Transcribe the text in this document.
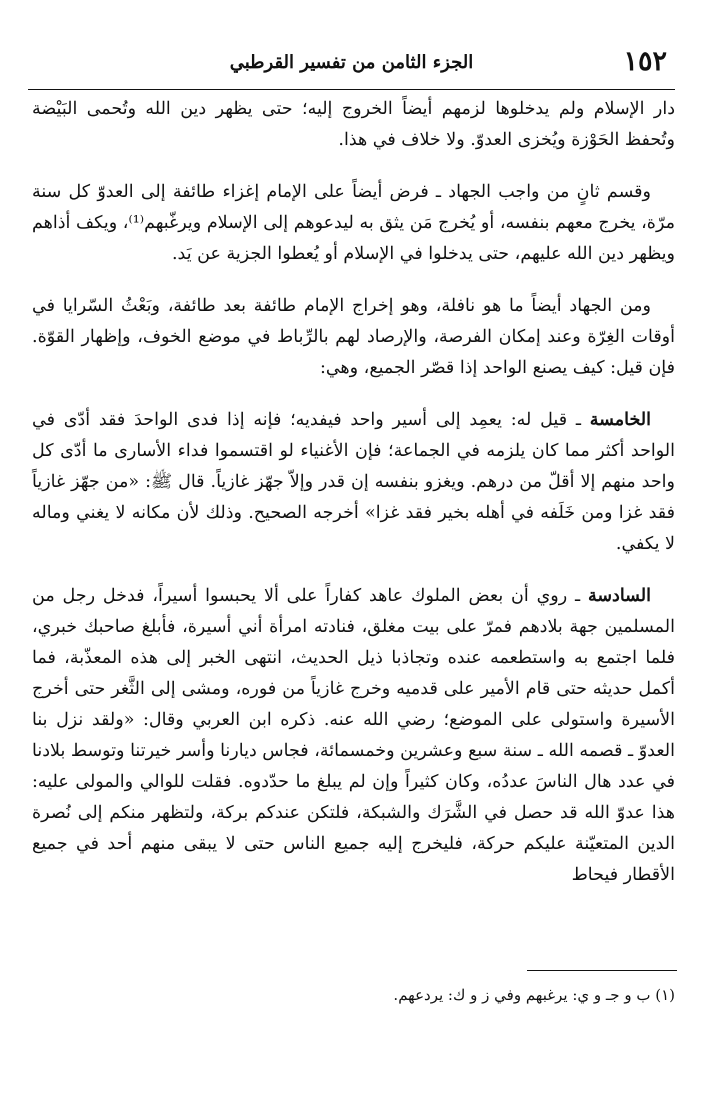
١٥٢
الجزء الثامن من تفسير القرطبي

دار الإسلام ولم يدخلوها لزمهم أيضاً الخروج إليه؛ حتى يظهر دين الله وتُحمى البَيْضة وتُحفظ الحَوْزة ويُخزى العدوّ. ولا خلاف في هذا.

وقسم ثانٍ من واجب الجهاد ـ فرض أيضاً على الإمام إغزاء طائفة إلى العدوّ كل سنة مرّة، يخرج معهم بنفسه، أو يُخرج مَن يثق به ليدعوهم إلى الإسلام ويرغّبهم⁽¹⁾، ويكف أذاهم ويظهر دين الله عليهم، حتى يدخلوا في الإسلام أو يُعطوا الجزية عن يَد.

ومن الجهاد أيضاً ما هو نافلة، وهو إخراج الإمام طائفة بعد طائفة، وبَعْثُ السّرايا في أوقات الغِرّة وعند إمكان الفرصة، والإرصاد لهم بالرِّباط في موضع الخوف، وإظهار القوّة. فإن قيل: كيف يصنع الواحد إذا قصّر الجميع، وهي:

الخامسة ـ قيل له: يعمِد إلى أسير واحد فيفديه؛ فإنه إذا فدى الواحدَ فقد أدّى في الواحد أكثر مما كان يلزمه في الجماعة؛ فإن الأغنياء لو اقتسموا فداء الأسارى ما أدّى كل واحد منهم إلا أقلّ من درهم. ويغزو بنفسه إن قدر وإلاّ جهّز غازياً. قال ﷺ: «من جهّز غازياً فقد غزا ومن خَلَفه في أهله بخير فقد غزا» أخرجه الصحيح. وذلك لأن مكانه لا يغني وماله لا يكفي.

السادسة ـ روي أن بعض الملوك عاهد كفاراً على ألا يحبسوا أسيراً، فدخل رجل من المسلمين جهة بلادهم فمرّ على بيت مغلق، فنادته امرأة أني أسيرة، فأبلغ صاحبك خبري، فلما اجتمع به واستطعمه عنده وتجاذبا ذيل الحديث، انتهى الخبر إلى هذه المعذّبة، فما أكمل حديثه حتى قام الأمير على قدميه وخرج غازياً من فوره، ومشى إلى الثَّغر حتى أخرج الأسيرة واستولى على الموضع؛ رضي الله عنه. ذكره ابن العربي وقال: «ولقد نزل بنا العدوّ ـ قصمه الله ـ سنة سبع وعشرين وخمسمائة، فجاس ديارنا وأسر خيرتنا وتوسط بلادنا في عدد هال الناسَ عددُه، وكان كثيراً وإن لم يبلغ ما حدّدوه. فقلت للوالي والمولى عليه: هذا عدوّ الله قد حصل في الشَّرَك والشبكة، فلتكن عندكم بركة، ولتظهر منكم إلى نُصرة الدين المتعيّنة عليكم حركة، فليخرج إليه جميع الناس حتى لا يبقى منهم أحد في جميع الأقطار فيحاط

(١) ب و جـ و ي: يرغبهم وفي ز و ك: يردعهم.
